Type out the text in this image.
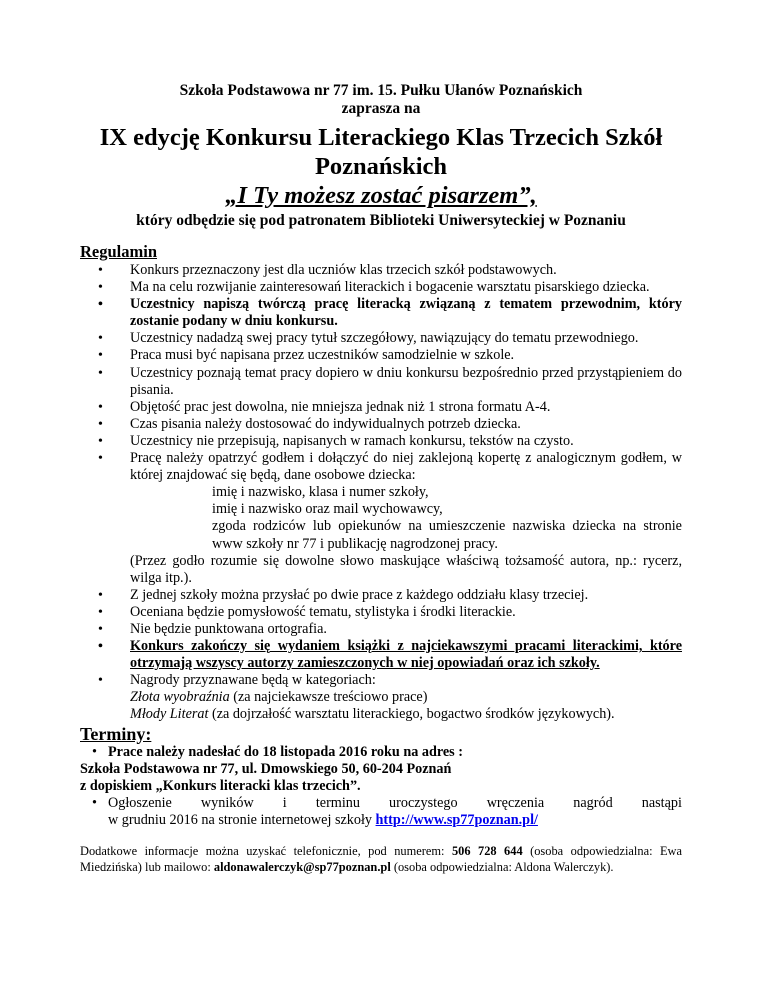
Szkoła Podstawowa nr 77 im. 15. Pułku Ułanów Poznańskich
zaprasza na
IX edycję Konkursu Literackiego Klas Trzecich Szkół
Poznańskich
„I Ty możesz zostać pisarzem”,
który odbędzie się pod patronatem Biblioteki Uniwersyteckiej w Poznaniu
Regulamin
• Konkurs przeznaczony jest dla uczniów klas trzecich szkół podstawowych.
• Ma na celu rozwijanie zainteresowań literackich i bogacenie warsztatu pisarskiego dziecka.
• Uczestnicy napiszą twórczą pracę literacką związaną z tematem przewodnim, który zostanie podany w dniu konkursu.
• Uczestnicy nadadzą swej pracy tytuł szczegółowy, nawiązujący do tematu przewodniego.
• Praca musi być napisana przez uczestników samodzielnie w szkole.
• Uczestnicy poznają temat pracy dopiero w dniu konkursu bezpośrednio przed przystąpieniem do pisania.
• Objętość prac jest dowolna, nie mniejsza jednak niż 1 strona formatu A-4.
• Czas pisania należy dostosować do indywidualnych potrzeb dziecka.
• Uczestnicy nie przepisują, napisanych w ramach konkursu, tekstów na czysto.
• Pracę należy opatrzyć godłem i dołączyć do niej zaklejoną kopertę z analogicznym godłem, w której znajdować się będą, dane osobowe dziecka:
imię i nazwisko, klasa i numer szkoły,
imię i nazwisko oraz mail wychowawcy,
zgoda rodziców lub opiekunów na umieszczenie nazwiska dziecka na stronie www szkoły nr 77 i publikację nagrodzonej pracy.
(Przez godło rozumie się dowolne słowo maskujące właściwą tożsamość autora, np.: rycerz, wilga itp.).
• Z jednej szkoły można przysłać po dwie prace z każdego oddziału klasy trzeciej.
• Oceniana będzie pomysłowość tematu, stylistyka i środki literackie.
• Nie będzie punktowana ortografia.
• Konkurs zakończy się wydaniem książki z najciekawszymi pracami literackimi, które otrzymają wszyscy autorzy zamieszczonych w niej opowiadań oraz ich szkoły.
• Nagrody przyznawane będą w kategoriach:
Złota wyobraźnia (za najciekawsze treściowo prace)
Młody Literat (za dojrzałość warsztatu literackiego, bogactwo środków językowych).
Terminy:
• Prace należy nadesłać do 18 listopada 2016 roku na adres :
Szkoła Podstawowa nr 77, ul. Dmowskiego 50, 60-204 Poznań
z dopiskiem „Konkurs literacki klas trzecich”.
• Ogłoszenie wyników i terminu uroczystego wręczenia nagród nastąpi
w grudniu 2016 na stronie internetowej szkoły http://www.sp77poznan.pl/
Dodatkowe informacje można uzyskać telefonicznie, pod numerem: 506 728 644 (osoba odpowiedzialna: Ewa Miedzińska) lub mailowo: aldonawalerczyk@sp77poznan.pl (osoba odpowiedzialna: Aldona Walerczyk).
